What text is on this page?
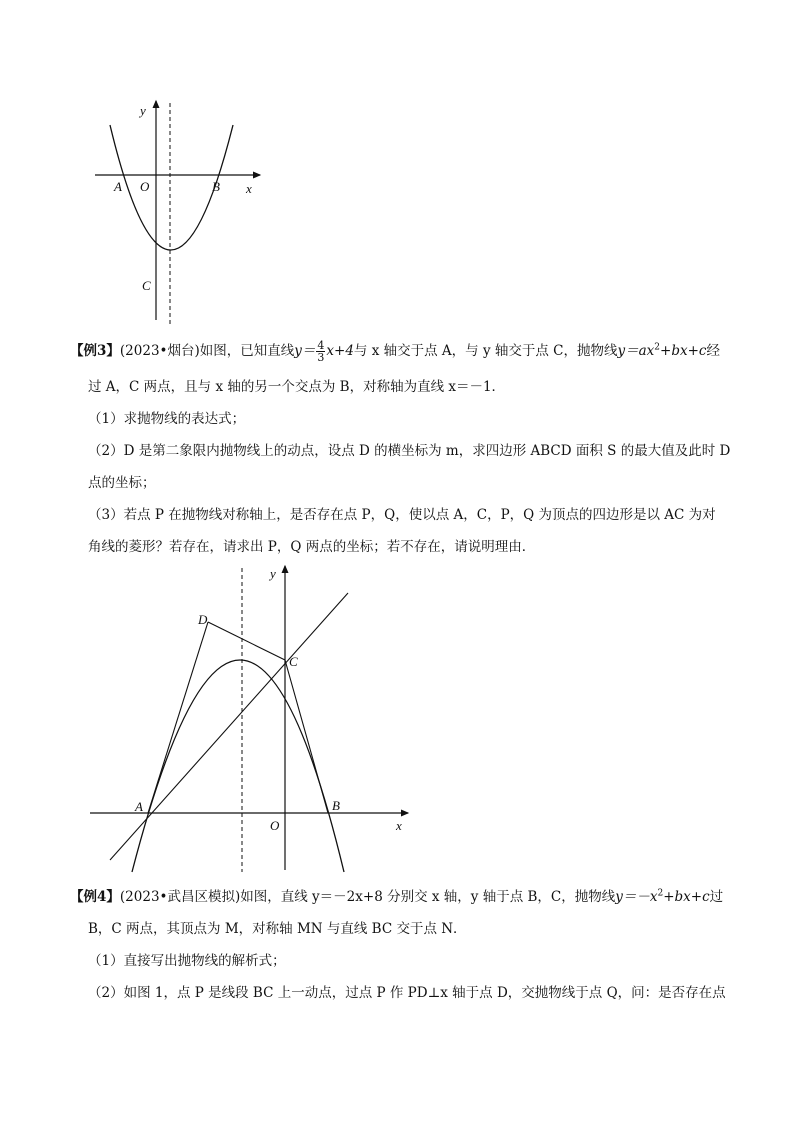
y
x
A O	B
C
【例3】(2023•烟台)如图，已知直线$y= \frac{4}{3} x+4$与 x 轴交于点 A，与 y 轴交于点 C，抛物线$y=ax^2+bx+c$经
过 A，C 两点，且与 x 轴的另一个交点为 B，对称轴为直线 x＝－1．
（1）求抛物线的表达式；
（2）D 是第二象限内抛物线上的动点，设点 D 的横坐标为 m，求四边形 ABCD 面积 S 的最大值及此时 D
点的坐标；
（3）若点 P 在抛物线对称轴上，是否存在点 P，Q，使以点 A，C，P，Q 为顶点的四边形是以 AC 为对
角线的菱形？若存在，请求出 P，Q 两点的坐标；若不存在，请说明理由．
y
x
D
C
A	B
O
【例4】(2023•武昌区模拟)如图，直线 y＝－2x+8 分别交 x 轴，y 轴于点 B，C，抛物线$y=-x^2+bx+c$过
B，C 两点，其顶点为 M，对称轴 MN 与直线 BC 交于点 N．
（1）直接写出抛物线的解析式；
（2）如图 1，点 P 是线段 BC 上一动点，过点 P 作 PD⊥x 轴于点 D，交抛物线于点 Q，问：是否存在点
